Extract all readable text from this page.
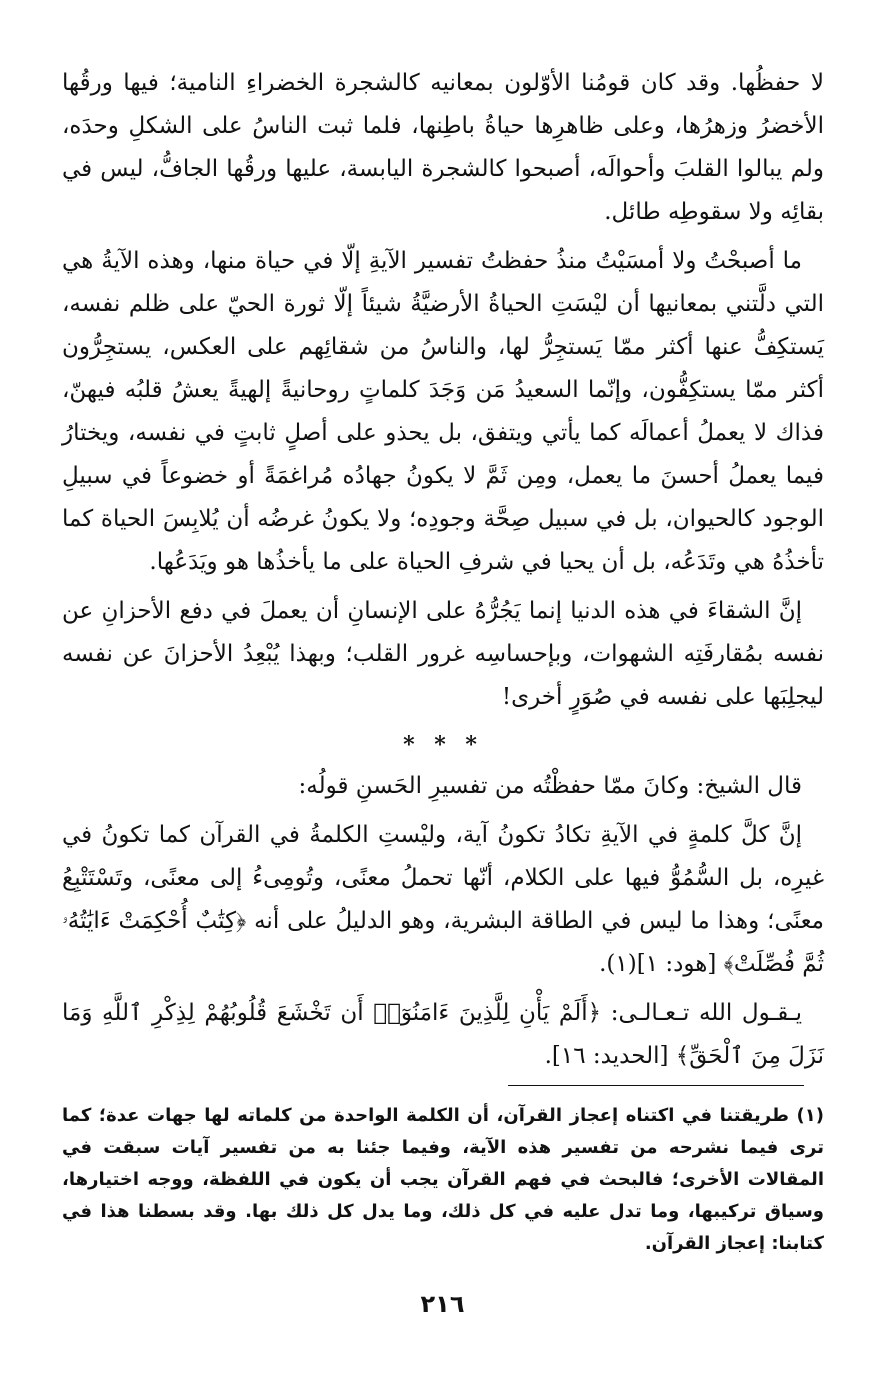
لا حفظُها. وقد كان قومُنا الأوّلون بمعانيه كالشجرة الخضراءِ النامية؛ فيها ورقُها الأخضرُ وزهرُها، وعلى ظاهرِها حياةُ باطِنها، فلما ثبت الناسُ على الشكلِ وحدَه، ولم يبالوا القلبَ وأحوالَه، أصبحوا كالشجرة اليابسة، عليها ورقُها الجافُّ، ليس في بقائِه ولا سقوطِه طائل.

ما أصبحْتُ ولا أمسَيْتُ منذُ حفظتُ تفسير الآيةِ إلّا في حياة منها، وهذه الآيةُ هي التي دلَّتني بمعانيها أن ليْسَتِ الحياةُ الأرضيَّةُ شيئاً إلّا ثورة الحيّ على ظلم نفسه، يَستكِفُّ عنها أكثر ممّا يَستجِرُّ لها، والناسُ من شقائِهم على العكس، يستجِرُّون أكثر ممّا يستكِفُّون، وإنّما السعيدُ مَن وَجَدَ كلماتٍ روحانيةً إلهيةً يعشُ قلبُه فيهنّ، فذاك لا يعملُ أعمالَه كما يأتي ويتفق، بل يحذو على أصلٍ ثابتٍ في نفسه، ويختارُ فيما يعملُ أحسنَ ما يعمل، ومِن ثَمَّ لا يكونُ جهادُه مُراغمَةً أو خضوعاً في سبيلِ الوجود كالحيوان، بل في سبيل صِحَّة وجودِه؛ ولا يكونُ غرضُه أن يُلابِسَ الحياة كما تأخذُهُ هي وتَدَعُه، بل أن يحيا في شرفِ الحياة على ما يأخذُها هو ويَدَعُها.

إنَّ الشقاءَ في هذه الدنيا إنما يَجُرُّهُ على الإنسانِ أن يعملَ في دفع الأحزانِ عن نفسه بمُقارفَتِه الشهوات، وبإحساسِه غرور القلب؛ وبهذا يُبْعِدُ الأحزانَ عن نفسه ليجلِبَها على نفسه في صُوَرٍ أخرى!

* * *

قال الشيخ: وكانَ ممّا حفظْتُه من تفسيرِ الحَسنِ قولُه:

إنَّ كلَّ كلمةٍ في الآيةِ تكادُ تكونُ آية، وليْستِ الكلمةُ في القرآن كما تكونُ في غيرِه، بل السُّمُوُّ فيها على الكلام، أنّها تحملُ معنًى، وتُومِىءُ إلى معنًى، وتَسْتَتْبِعُ معنًى؛ وهذا ما ليس في الطاقة البشرية، وهو الدليلُ على أنه ﴿كِتَٰبٌ أُحْكِمَتْ ءَايَٰتُهُۥ ثُمَّ فُصِّلَتْ﴾ [هود: ١](١).

يـقـول الله تـعـالـى: ﴿أَلَمْ يَأْنِ لِلَّذِينَ ءَامَنُوٓا۟ أَن تَخْشَعَ قُلُوبُهُمْ لِذِكْرِ ٱللَّهِ وَمَا نَزَلَ مِنَ ٱلْحَقِّ﴾ [الحديد: ١٦].

(١) طريقتنا في اكتناه إعجاز القرآن، أن الكلمة الواحدة من كلماته لها جهات عدة؛ كما ترى فيما نشرحه من تفسير هذه الآية، وفيما جئنا به من تفسير آيات سبقت في المقالات الأخرى؛ فالبحث في فهم القرآن يجب أن يكون في اللفظة، ووجه اختيارها، وسياق تركيبها، وما تدل عليه في كل ذلك، وما يدل كل ذلك بها. وقد بسطنا هذا في كتابنا: إعجاز القرآن.
٢١٦
